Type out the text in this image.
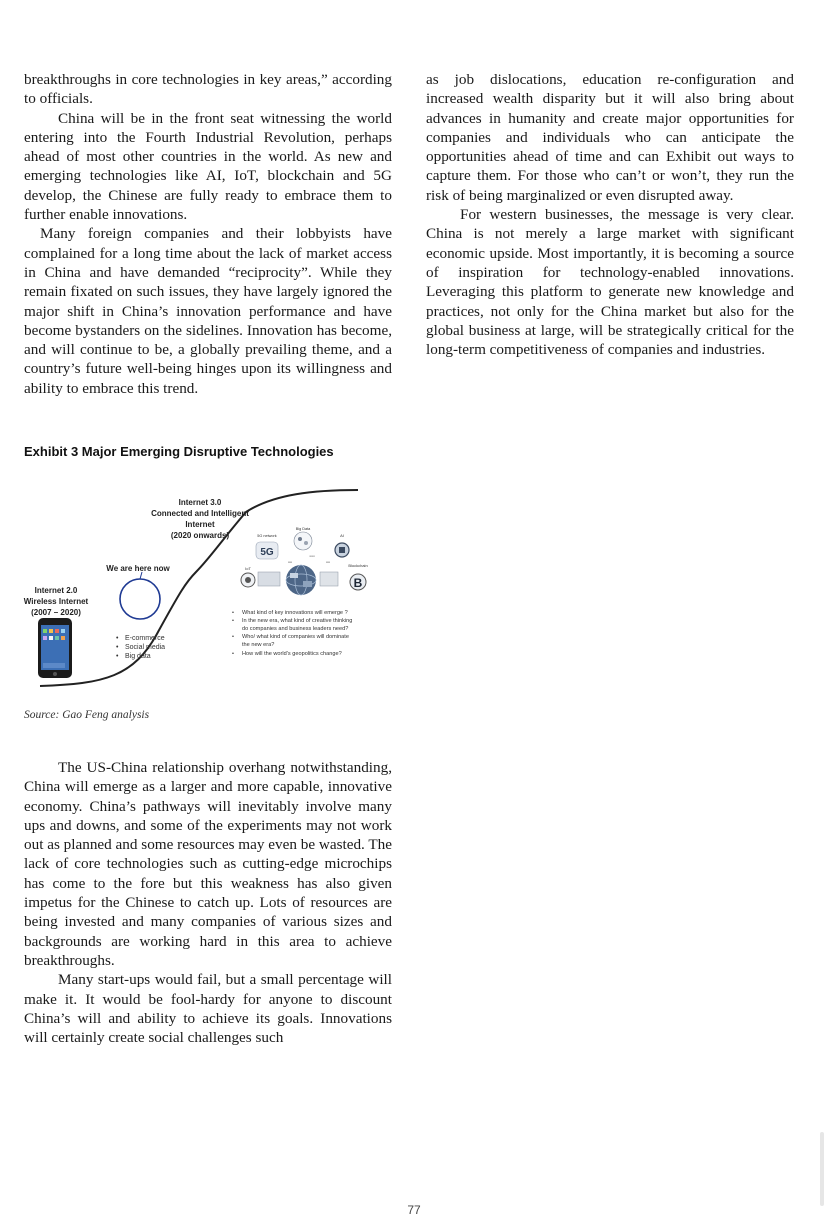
breakthroughs in core technologies in key areas,” according to officials.

China will be in the front seat witnessing the world entering into the Fourth Industrial Revolution, perhaps ahead of most other countries in the world. As new and emerging technologies like AI, IoT, blockchain and 5G develop, the Chinese are fully ready to embrace them to further enable innovations.

Many foreign companies and their lobbyists have complained for a long time about the lack of market access in China and have demanded “reciprocity”. While they remain fixated on such issues, they have largely ignored the major shift in China’s innovation performance and have become bystanders on the sidelines. Innovation has become, and will continue to be, a globally prevailing theme, and a country’s future well-being hinges upon its willingness and ability to embrace this trend.

as job dislocations, education re-configuration and increased wealth disparity but it will also bring about advances in humanity and create major opportunities for companies and individuals who can anticipate the opportunities ahead of time and can Exhibit out ways to capture them. For those who can’t or won’t, they run the risk of being marginalized or even disrupted away.

For western businesses, the message is very clear. China is not merely a large market with significant economic upside. Most importantly, it is becoming a source of inspiration for technology-enabled innovations. Leveraging this platform to generate new knowledge and practices, not only for the China market but also for the global business at large, will be strategically critical for the long-term competitiveness of companies and industries.

Exhibit 3 Major Emerging Disruptive Technologies
Internet 3.0
Connected and Intelligent
Internet
(2020 onwards)
We are here now
Internet 2.0
Wireless Internet
(2007 – 2020)
• E-commerce
• Social media
• Big data
• What kind of key innovations will emerge ?
• In the new era, what kind of creative thinking
do companies and business leaders need?
• Who/ what kind of companies will dominate
the new era?
• How will the world’s geopolitics change?
5G
5G network
Big Data
AI
▪▪▪▪▪
▪▪▪▪	▪▪▪▪
IoT
Blockchain
B
Source: Gao Feng analysis

The US-China relationship overhang notwithstanding, China will emerge as a larger and more capable, innovative economy. China’s pathways will inevitably involve many ups and downs, and some of the experiments may not work out as planned and some resources may even be wasted. The lack of core technologies such as cutting-edge microchips has come to the fore but this weakness has also given impetus for the Chinese to catch up. Lots of resources are being invested and many companies of various sizes and backgrounds are working hard in this area to achieve breakthroughs.

Many start-ups would fail, but a small percentage will make it. It would be fool-hardy for anyone to discount China’s will and ability to achieve its goals. Innovations will certainly create social challenges such

77
